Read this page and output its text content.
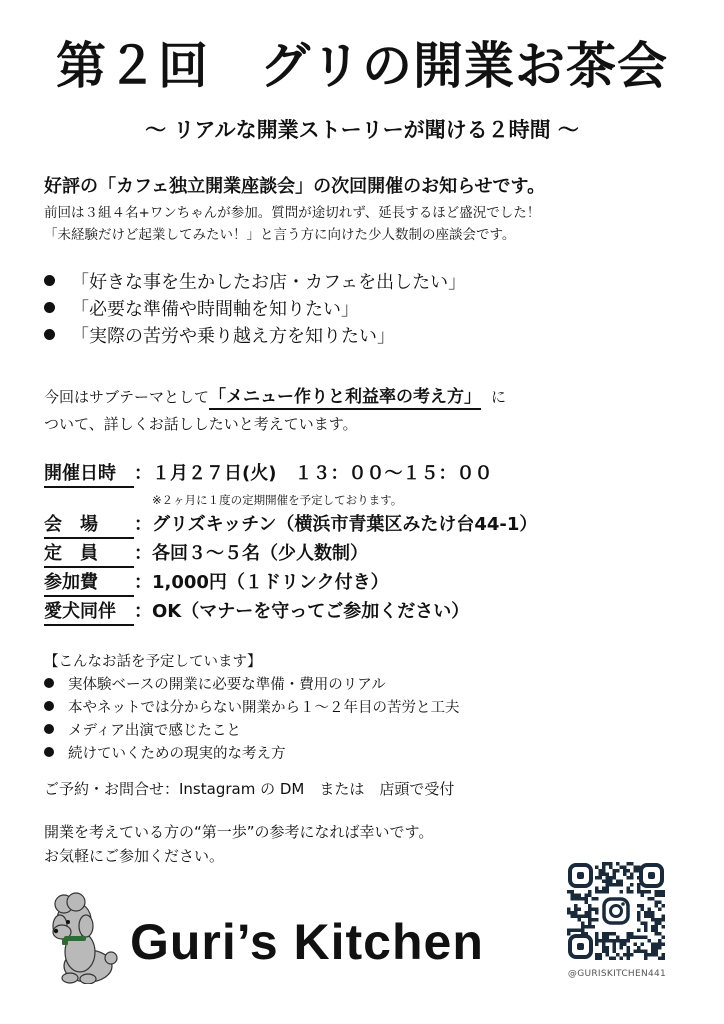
第２回　グリの開業お茶会
～ リアルな開業ストーリーが聞ける２時間 ～
好評の「カフェ独立開業座談会」の次回開催のお知らせです。
前回は３組４名+ワンちゃんが参加。質問が途切れず、延長するほど盛況でした！
「未経験だけど起業してみたい！」と言う方に向けた少人数制の座談会です。
「好きな事を生かしたお店・カフェを出したい」
「必要な準備や時間軸を知りたい」
「実際の苦労や乗り越え方を知りたい」
今回はサブテーマとして「メニュー作りと利益率の考え方」 に
ついて、詳しくお話ししたいと考えています。
開催日時 ：１月２７日(火)　１３：００～１５：００
※２ヶ月に１度の定期開催を予定しております。
会　場 ：グリズキッチン（横浜市青葉区みたけ台44-1）
定　員 ：各回３～５名（少人数制）
参加費 ：1,000円（１ドリンク付き）
愛犬同伴 ：OK（マナーを守ってご参加ください）
【こんなお話を予定しています】
実体験ベースの開業に必要な準備・費用のリアル
本やネットでは分からない開業から１～２年目の苦労と工夫
メディア出演で感じたこと
続けていくための現実的な考え方
ご予約・お問合せ：Instagram の DM　または　店頭で受付
開業を考えている方の“第一歩”の参考になれば幸いです。
お気軽にご参加ください。
Guri’s Kitchen
@GURISKITCHEN441
